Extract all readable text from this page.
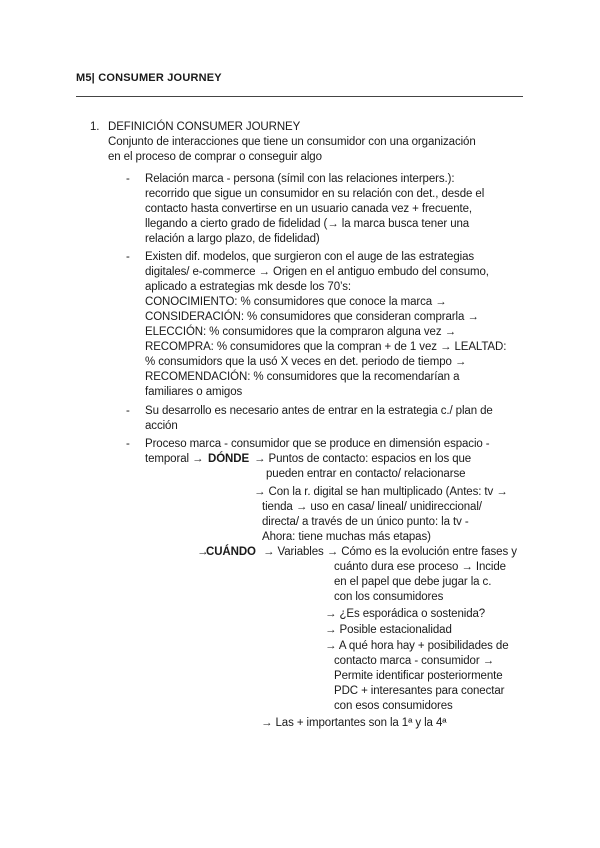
M5| CONSUMER JOURNEY
1. DEFINICIÓN CONSUMER JOURNEY
Conjunto de interacciones que tiene un consumidor con una organización
en el proceso de comprar o conseguir algo
- Relación marca - persona (símil con las relaciones interpers.):
recorrido que sigue un consumidor en su relación con det., desde el
contacto hasta convertirse en un usuario canada vez + frecuente,
llegando a cierto grado de fidelidad (→ la marca busca tener una
relación a largo plazo, de fidelidad)
- Existen dif. modelos, que surgieron con el auge de las estrategias
digitales/ e-commerce → Origen en el antiguo embudo del consumo,
aplicado a estrategias mk desde los 70’s:
CONOCIMIENTO: % consumidores que conoce la marca →
CONSIDERACIÓN: % consumidores que consideran comprarla →
ELECCIÓN: % consumidores que la compraron alguna vez →
RECOMPRA: % consumidores que la compran + de 1 vez → LEALTAD:
% consumidors que la usó X veces en det. periodo de tiempo →
RECOMENDACIÓN: % consumidores que la recomendarían a
familiares o amigos
- Su desarrollo es necesario antes de entrar en la estrategia c./ plan de
acción
- Proceso marca - consumidor que se produce en dimensión espacio -
temporal → DÓNDE → Puntos de contacto: espacios en los que
pueden entrar en contacto/ relacionarse
→ Con la r. digital se han multiplicado (Antes: tv →
tienda → uso en casa/ lineal/ unidireccional/
directa/ a través de un único punto: la tv -
Ahora: tiene muchas más etapas)
→
CUÁNDO → Variables → Cómo es la evolución entre fases y
cuánto dura ese proceso → Incide
en el papel que debe jugar la c.
con los consumidores
→ ¿Es esporádica o sostenida?
→ Posible estacionalidad
→ A qué hora hay + posibilidades de
contacto marca - consumidor →
Permite identificar posteriormente
PDC + interesantes para conectar
con esos consumidores
→ Las + importantes son la 1ª y la 4ª
